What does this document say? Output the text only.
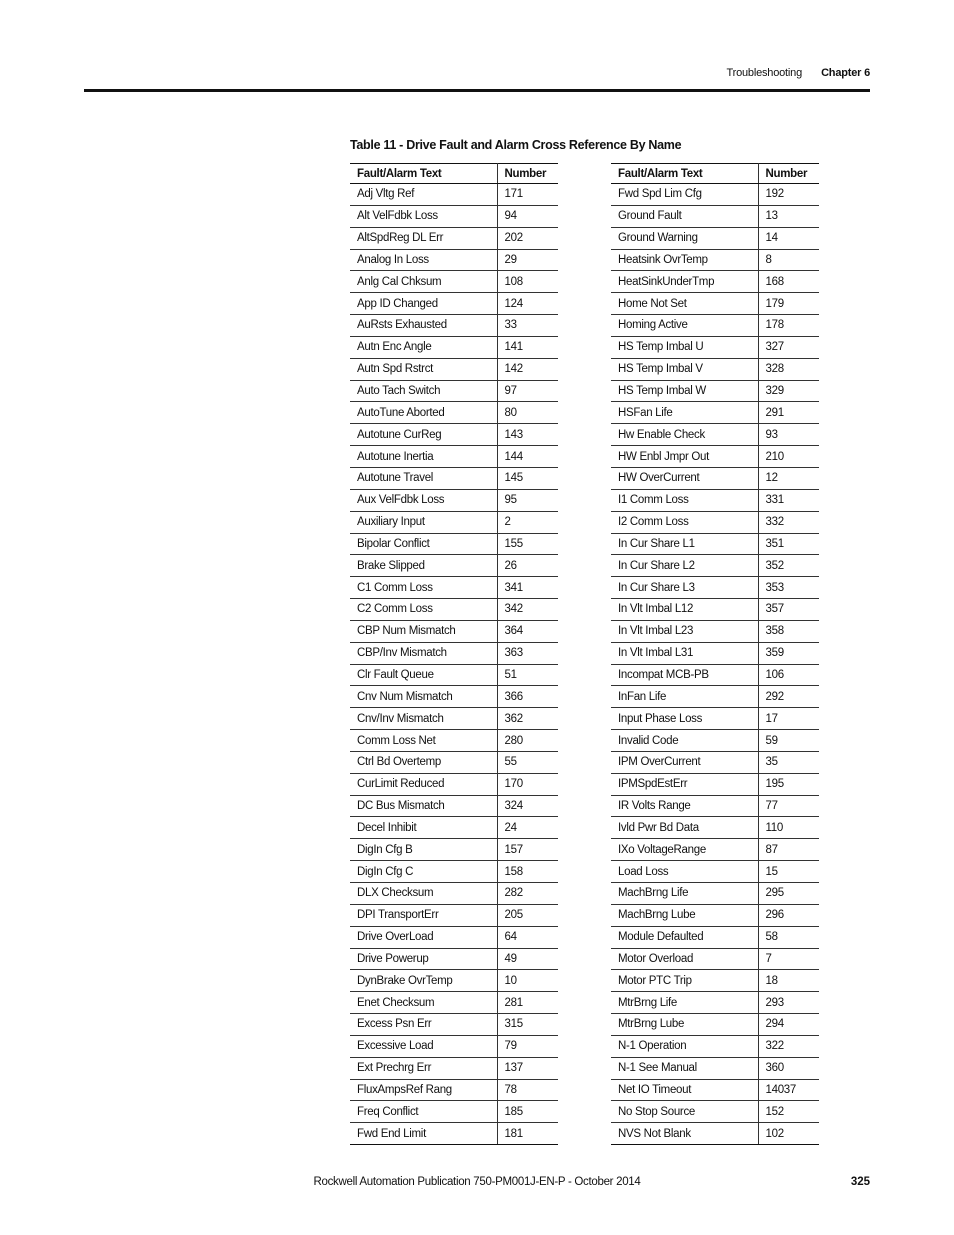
Troubleshooting	Chapter 6
Table 11 - Drive Fault and Alarm Cross Reference By Name
Fault/Alarm Text	Number
Adj Vltg Ref	171
Alt VelFdbk Loss	94
AltSpdReg DL Err	202
Analog In Loss	29
Anlg Cal Chksum	108
App ID Changed	124
AuRsts Exhausted	33
Autn Enc Angle	141
Autn Spd Rstrct	142
Auto Tach Switch	97
AutoTune Aborted	80
Autotune CurReg	143
Autotune Inertia	144
Autotune Travel	145
Aux VelFdbk Loss	95
Auxiliary Input	2
Bipolar Conflict	155
Brake Slipped	26
C1 Comm Loss	341
C2 Comm Loss	342
CBP Num Mismatch	364
CBP/Inv Mismatch	363
Clr Fault Queue	51
Cnv Num Mismatch	366
Cnv/Inv Mismatch	362
Comm Loss Net	280
Ctrl Bd Overtemp	55
CurLimit Reduced	170
DC Bus Mismatch	324
Decel Inhibit	24
DigIn Cfg B	157
DigIn Cfg C	158
DLX Checksum	282
DPI TransportErr	205
Drive OverLoad	64
Drive Powerup	49
DynBrake OvrTemp	10
Enet Checksum	281
Excess Psn Err	315
Excessive Load	79
Ext Prechrg Err	137
FluxAmpsRef Rang	78
Freq Conflict	185
Fwd End Limit	181
Fault/Alarm Text	Number
Fwd Spd Lim Cfg	192
Ground Fault	13
Ground Warning	14
Heatsink OvrTemp	8
HeatSinkUnderTmp	168
Home Not Set	179
Homing Active	178
HS Temp Imbal U	327
HS Temp Imbal V	328
HS Temp Imbal W	329
HSFan Life	291
Hw Enable Check	93
HW Enbl Jmpr Out	210
HW OverCurrent	12
I1 Comm Loss	331
I2 Comm Loss	332
In Cur Share L1	351
In Cur Share L2	352
In Cur Share L3	353
In Vlt Imbal L12	357
In Vlt Imbal L23	358
In Vlt Imbal L31	359
Incompat MCB-PB	106
InFan Life	292
Input Phase Loss	17
Invalid Code	59
IPM OverCurrent	35
IPMSpdEstErr	195
IR Volts Range	77
Ivld Pwr Bd Data	110
IXo VoltageRange	87
Load Loss	15
MachBrng Life	295
MachBrng Lube	296
Module Defaulted	58
Motor Overload	7
Motor PTC Trip	18
MtrBrng Life	293
MtrBrng Lube	294
N-1 Operation	322
N-1 See Manual	360
Net IO Timeout	14037
No Stop Source	152
NVS Not Blank	102
Rockwell Automation Publication 750-PM001J-EN-P - October 2014	325
